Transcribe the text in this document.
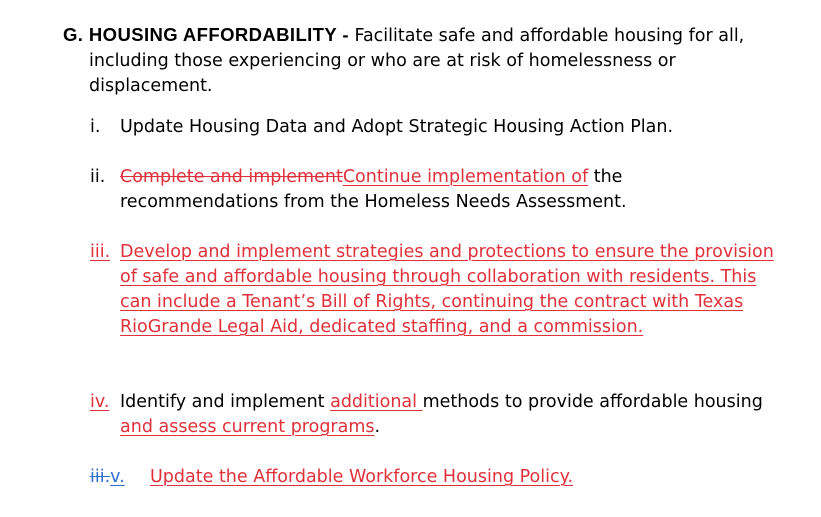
G. HOUSING AFFORDABILITY - Facilitate safe and affordable housing for all, including those experiencing or who are at risk of homelessness or displacement.

i. Update Housing Data and Adopt Strategic Housing Action Plan.
ii. Complete and implementContinue implementation of the recommendations from the Homeless Needs Assessment.
iii. Develop and implement strategies and protections to ensure the provision of safe and affordable housing through collaboration with residents. This can include a Tenant’s Bill of Rights, continuing the contract with Texas RioGrande Legal Aid, dedicated staffing, and a commission.
iv. Identify and implement additional methods to provide affordable housing and assess current programs.
iii.v. Update the Affordable Workforce Housing Policy.
